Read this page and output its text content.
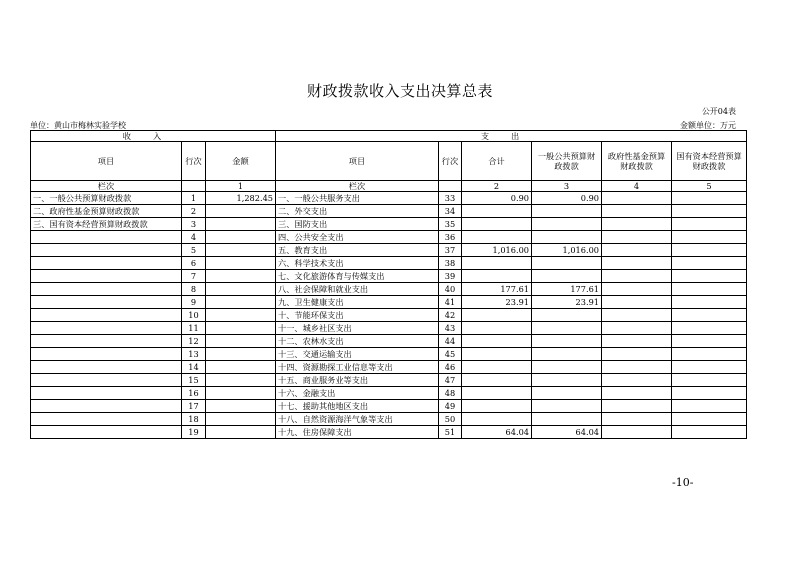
财政拨款收入支出决算总表
公开04表
单位：黄山市梅林实验学校	金额单位：万元
收入			支出					
项目	行次	金额	项目	行次	合计	一般公共预算财政拨款	政府性基金预算财政拨款	国有资本经营预算财政拨款
栏次		1	栏次		2	3	4	5
一、一般公共预算财政拨款	1	1,282.45	一、一般公共服务支出	33	0.90	0.90		
二、政府性基金预算财政拨款	2		二、外交支出	34				
三、国有资本经营预算财政拨款	3		三、国防支出	35				
	4		四、公共安全支出	36				
	5		五、教育支出	37	1,016.00	1,016.00		
	6		六、科学技术支出	38				
	7		七、文化旅游体育与传媒支出	39				
	8		八、社会保障和就业支出	40	177.61	177.61		
	9		九、卫生健康支出	41	23.91	23.91		
	10		十、节能环保支出	42				
	11		十一、城乡社区支出	43				
	12		十二、农林水支出	44				
	13		十三、交通运输支出	45				
	14		十四、资源勘探工业信息等支出	46				
	15		十五、商业服务业等支出	47				
	16		十六、金融支出	48				
	17		十七、援助其他地区支出	49				
	18		十八、自然资源海洋气象等支出	50				
	19		十九、住房保障支出	51	64.04	64.04		
-10-
